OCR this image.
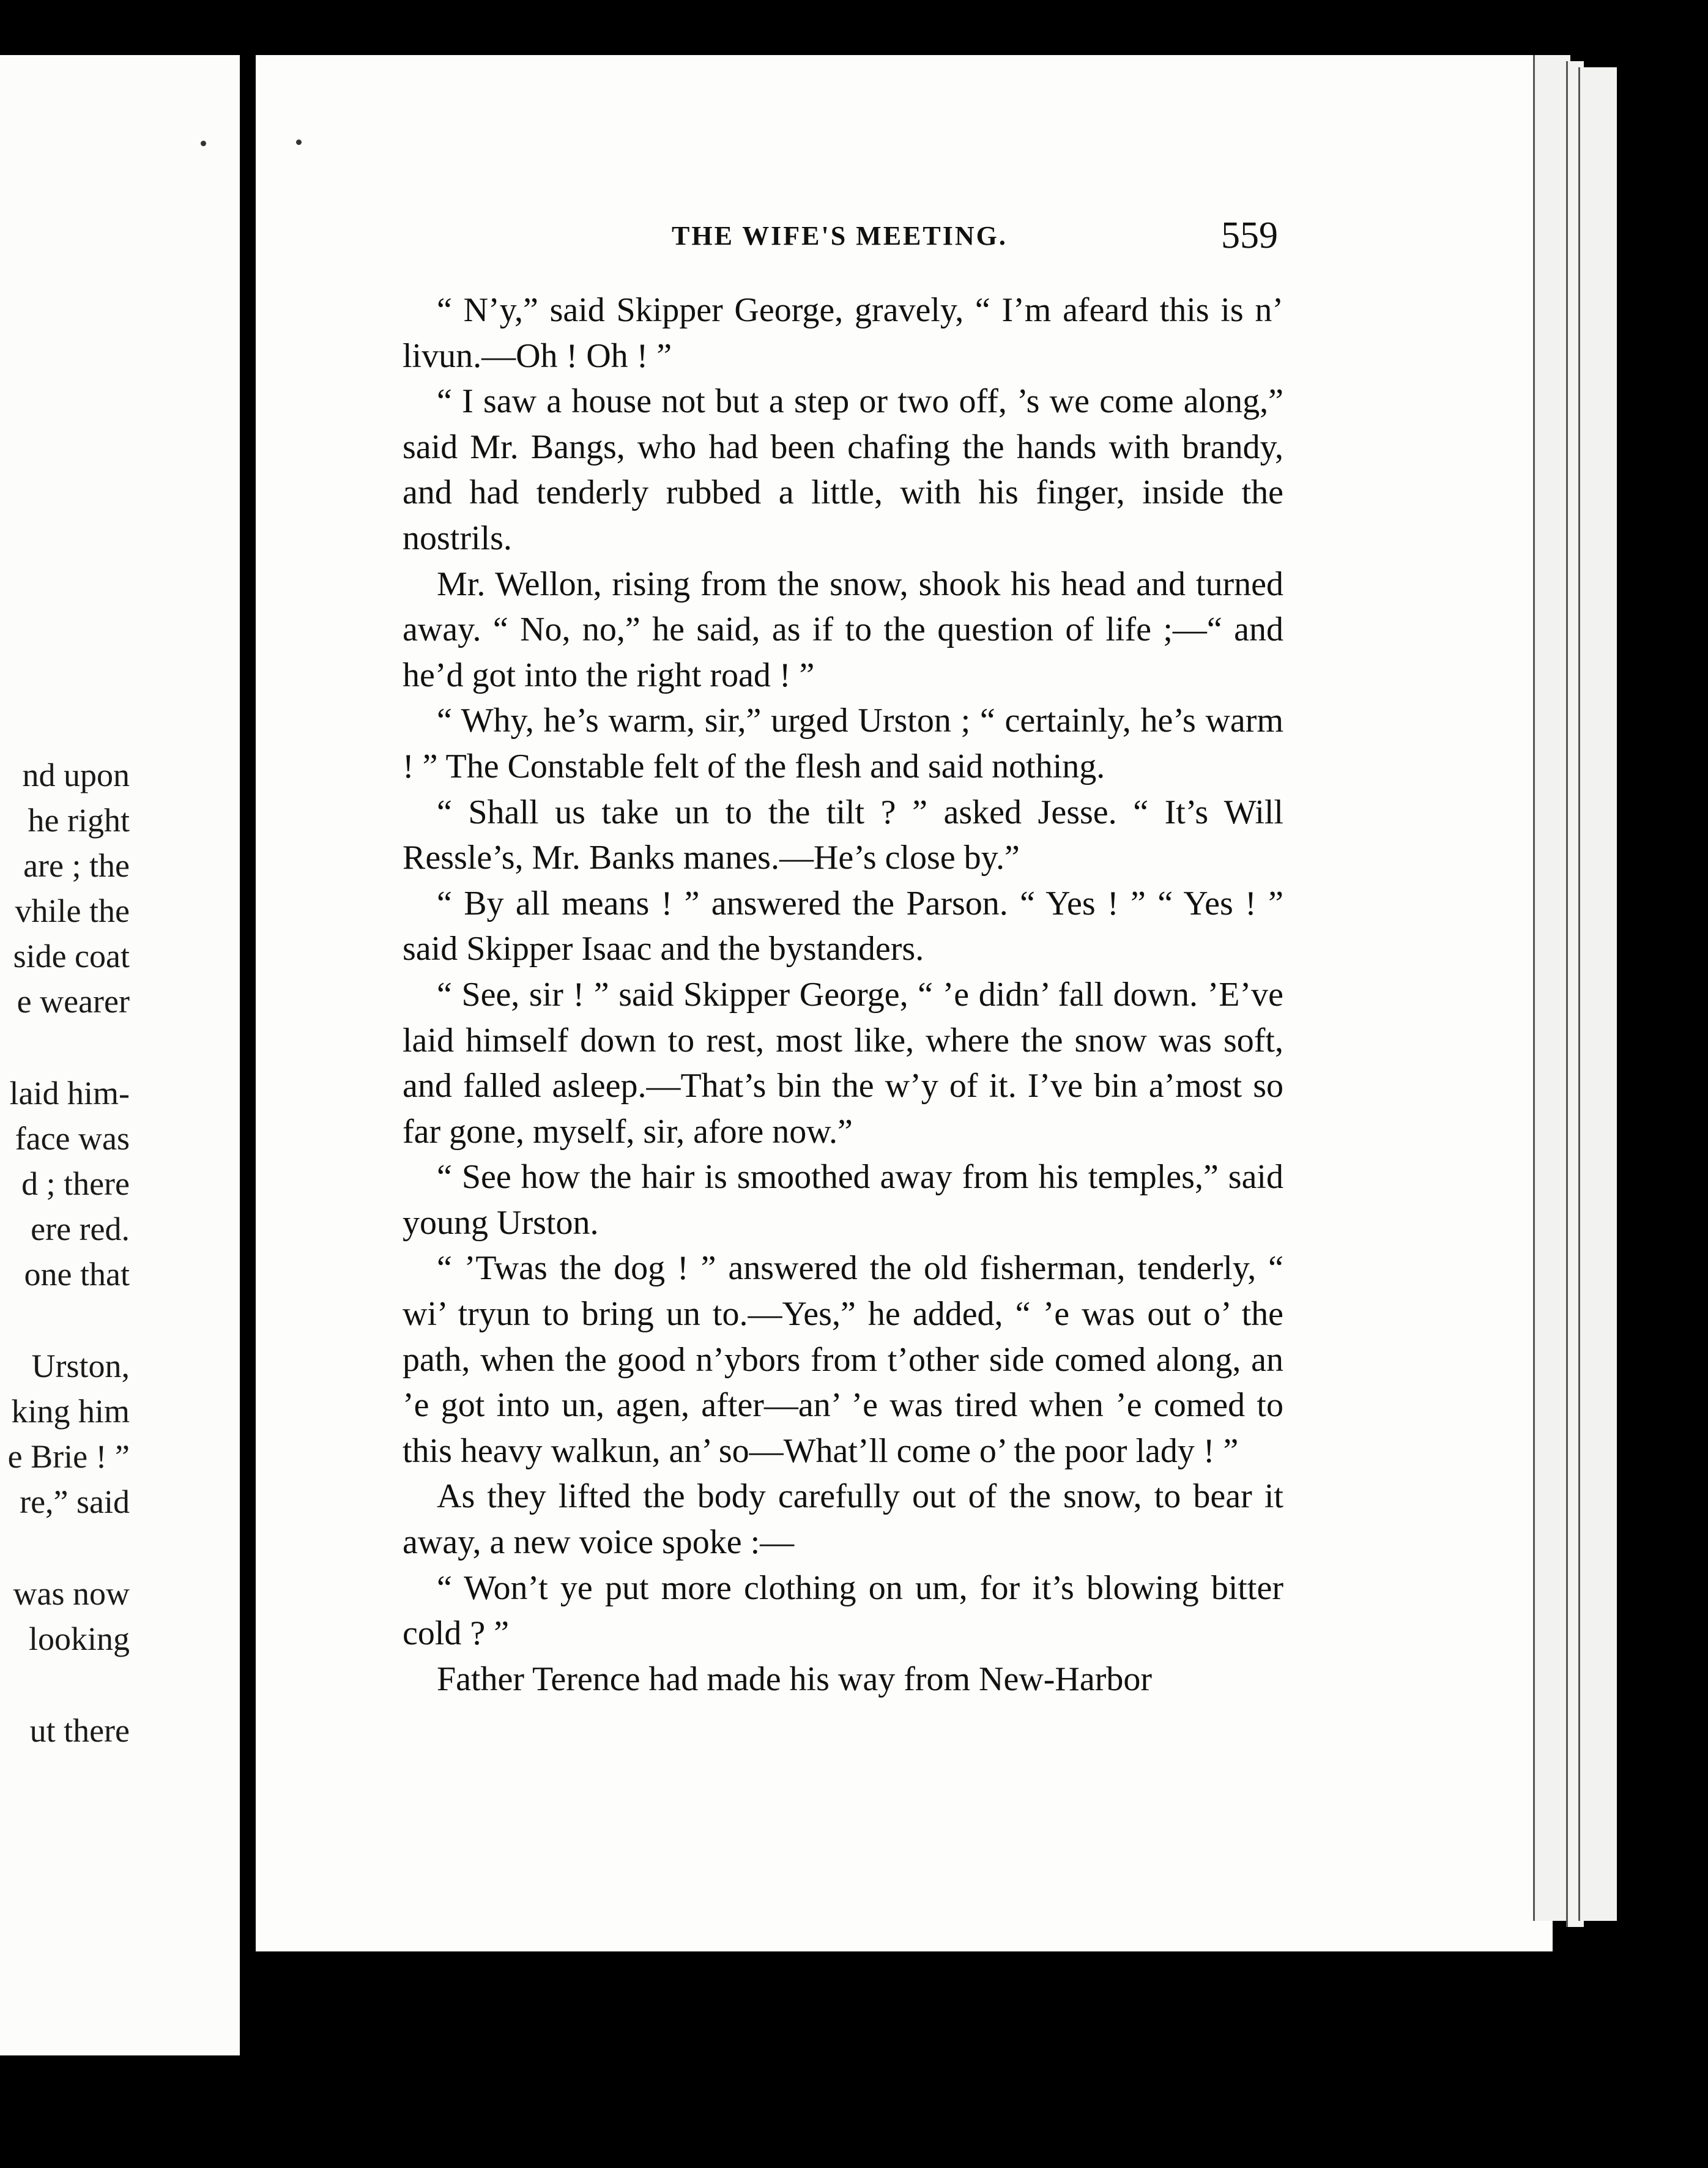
nd upon
he right
are ; the
vhile the
side coat
e wearer
laid him-
face was
d ; there
ere red.
one that
Urston,
king him
e Brie ! ”
re,” said
was now
looking
ut there
THE WIFE'S MEETING.	559

“ N’y,” said Skipper George, gravely, “ I’m afeard this is n’ livun.—Oh ! Oh ! ”

“ I saw a house not but a step or two off, ’s we come along,” said Mr. Bangs, who had been chafing the hands with brandy, and had tenderly rubbed a little, with his finger, inside the nostrils.

Mr. Wellon, rising from the snow, shook his head and turned away. “ No, no,” he said, as if to the question of life ;—“ and he’d got into the right road ! ”

“ Why, he’s warm, sir,” urged Urston ; “ certainly, he’s warm ! ” The Constable felt of the flesh and said nothing.

“ Shall us take un to the tilt ? ” asked Jesse. “ It’s Will Ressle’s, Mr. Banks manes.—He’s close by.”

“ By all means ! ” answered the Parson. “ Yes ! ” “ Yes ! ” said Skipper Isaac and the bystanders.

“ See, sir ! ” said Skipper George, “ ’e didn’ fall down. ’E’ve laid himself down to rest, most like, where the snow was soft, and falled asleep.—That’s bin the w’y of it. I’ve bin a’most so far gone, myself, sir, afore now.”

“ See how the hair is smoothed away from his temples,” said young Urston.

“ ’Twas the dog ! ” answered the old fisherman, tenderly, “ wi’ tryun to bring un to.—Yes,” he added, “ ’e was out o’ the path, when the good n’ybors from t’other side comed along, an ’e got into un, agen, after—an’ ’e was tired when ’e comed to this heavy walkun, an’ so—What’ll come o’ the poor lady ! ”

As they lifted the body carefully out of the snow, to bear it away, a new voice spoke :—

“ Won’t ye put more clothing on um, for it’s blowing bitter cold ? ”

Father Terence had made his way from New-Harbor
